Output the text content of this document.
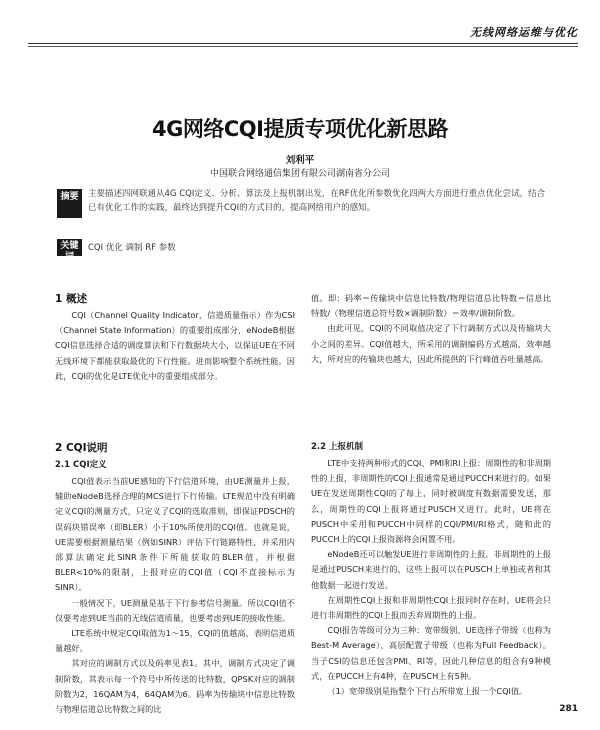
无线网络运维与优化
4G网络CQI提质专项优化新思路
刘利平
中国联合网络通信集团有限公司湖南省分公司
摘要	主要描述四网联通从4G CQI定义、分析、算法及上报机制出发，在RF优化所参数优化四两大方面进行重点优化尝试，结合已有优化工作的实践，最终达到提升CQI的方式目的，提高网络用户的感知。
关键词
CQI 优化 调制 RF 参数
1 概述

CQI（Channel Quality Indicator，信道质量指示）作为CSI（Channel State Information）的重要组成部分，eNodeB根据CQI信息选择合适的调度算法和下行数据块大小，以保证UE在不同无线环境下都能获取最优的下行性能。进而影响整个系统性能。因此，CQI的优化是LTE优化中的重要组成部分。

2 CQI说明
2.1 CQI定义

CQI值表示当前UE感知的下行信道环境，由UE测量并上报，辅助eNodeB选择合理的MCS进行下行传输。LTE规范中没有明确定义CQI的测量方式，只定义了CQI的选取准则，即保证PDSCH的误码块错误率（即BLER）小于10%所使用的CQI值。也就是说，UE需要根据测量结果（例如SINR）评估下行链路特性，并采用内部算法确定此SINR条件下所能获取的BLER值，并根据BLER<10%的限制，上报对应的CQI值（CQI不直接标示为SINR）。

一般情况下，UE测量是基于下行参考信号测量。所以CQI值不仅要考虑到UE当前的无线信道质量，也要考虑到UE的接收性能。

LTE系统中规定CQI取值为1～15，CQI的值越高，表明信道质量越好。

其对应的调制方式以及码率见表1。其中，调制方式决定了调制阶数，其表示每一个符号中所传送的比特数，QPSK对应的调制阶数为2，16QAM为4，64QAM为6。码率为传输块中信息比特数与物理信道总比特数之间的比

值。即：码率＝传输块中信息比特数/物理信道总比特数＝信息比特数/（物理信道总符号数×调制阶数）＝效率/调制阶数。

由此可见，CQI的不同取值决定了下行调制方式以及传输块大小之间的差异。CQI值越大，所采用的调制编码方式越高，效率越大，所对应的传输块也越大，因此所提供的下行峰值吞吐量越高。

2.2 上报机制

LTE中支持两种形式的CQI、PMI和RI上报：周期性的和非周期性的上报，非周期性的CQI上报通常是通过PUCCH来进行的。如果UE在发送周期性CQI的了每上，同时被调度有数据需要发送，那么，周期性的CQI上报将通过PUSCH又进行。此时，UE将在PUSCH中采用和PUCCH中同样的CQI/PMI/RI格式，随和此的PUCCH上的CQI上报资源将会闲置不用。

eNodeB还可以触发UE进行非周期性的上报。非周期性的上报是通过PUSCH来进行的，这些上报可以在PUSCH上单独或者和其他数据一起进行发送。

在周期性CQI上报和非周期性CQI上报同时存在时，UE将会只进行非周期性的CQI上报而丢弃周期性的上报。

CQI报告等级可分为三种：宽带级别、UE选择子带级（也称为Best-M Average）、高层配置子带级（也称为Full Feedback）。当子CSI的信息还包含PMI、RI等，因此几种信息的组合有9种模式，在PUCCH上有4种，在PUSCH上有5种。

（1）宽带级别是指整个下行占所带宽上报一个CQI值。

281
